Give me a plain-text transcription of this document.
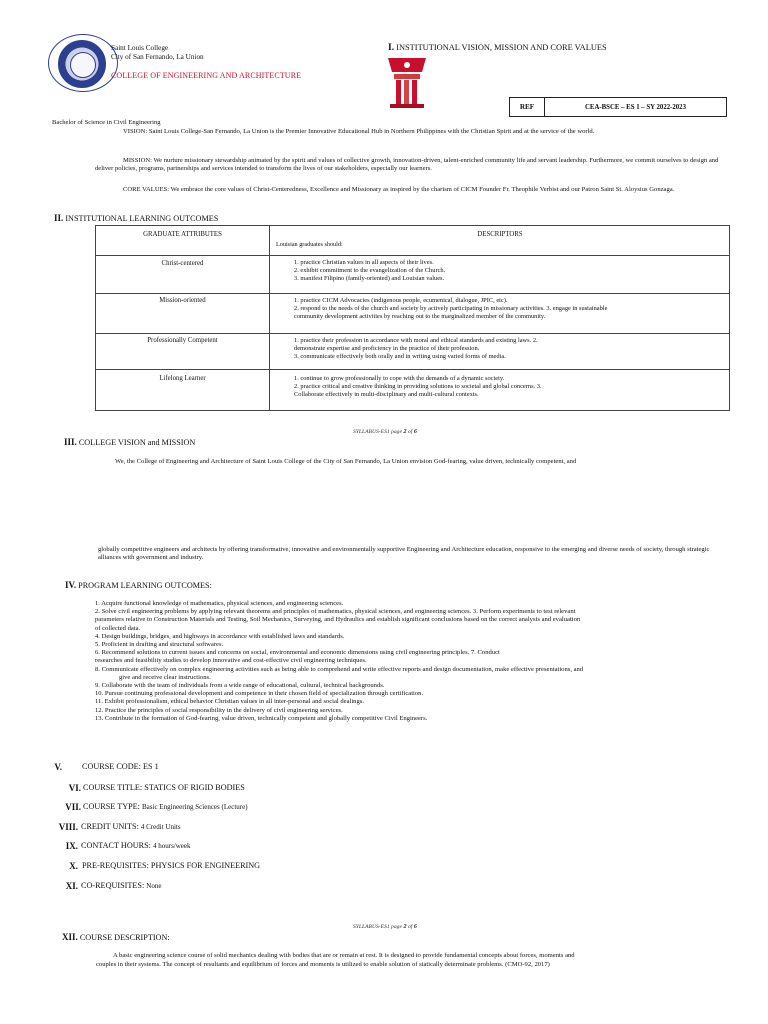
Saint Louis College
City of San Fernando, La Union
COLLEGE OF ENGINEERING AND ARCHITECTURE
I. INSTITUTIONAL VISION, MISSION AND CORE VALUES
REF	CEA-BSCE – ES 1 – SY 2022-2023
Bachelor of Science in Civil Engineering
VISION: Saint Louis College-San Fernando, La Union is the Premier Innovative Educational Hub in Northern Philippines with the Christian Spirit and at the service of the world.
MISSION: We nurture missionary stewardship animated by the spirit and values of collective growth, innovation-driven, talent-enriched community life and servant leadership. Furthermore, we commit ourselves to design and deliver policies, programs, partnerships and services intended to transform the lives of our stakeholders, especially our learners.
CORE VALUES: We embrace the core values of Christ-Centeredness, Excellence and Missionary as inspired by the charism of CICM Founder Fr. Theophile Verbist and our Patron Saint St. Aloysius Gonzaga.
II. INSTITUTIONAL LEARNING OUTCOMES
GRADUATE ATTRIBUTES	DESCRIPTORS
Louisian graduates should:
Christ-centered	1. practice Christian values in all aspects of their lives.
2. exhibit commitment to the evangelization of the Church.
3. manifest Filipino (family-oriented) and Louisian values.
Mission-oriented	1. practice CICM Advocacies (indigenous people, ecumenical, dialogue, JPIC, etc).
2. respond to the needs of the church and society by actively participating in missionary activities. 3. engage in sustainable
community development activities by reaching out to the marginalized member of the community.
Professionally Competent	1. practice their profession in accordance with moral and ethical standards and existing laws. 2.
demonstrate expertise and proficiency in the practice of their profession.
3. communicate effectively both orally and in writing using varied forms of media.
Lifelong Learner	1. continue to grow professionally to cope with the demands of a dynamic society.
2. practice critical and creative thinking in providing solutions to societal and global concerns. 3.
Collaborate effectively in multi-disciplinary and multi-cultural contexts.
SYLLABUS-ES1 page 2 of 6
III. COLLEGE VISION and MISSION
We, the College of Engineering and Architecture of Saint Louis College of the City of San Fernando, La Union envision God-fearing, value driven, technically competent, and
globally competitive engineers and architects by offering transformative, innovative and environmentally supportive Engineering and Architecture education, responsive to the emerging and diverse needs of society, through strategic alliances with government and industry.
IV. PROGRAM LEARNING OUTCOMES:
1. Acquire functional knowledge of mathematics, physical sciences, and engineering sciences.
2. Solve civil engineering problems by applying relevant theorems and principles of mathematics, physical sciences, and engineering sciences. 3. Perform experiments to test relevant
parameters relative to Construction Materials and Testing, Soil Mechanics, Surveying, and Hydraulics and establish significant conclusions based on the correct analysis and evaluation
of collected data.
4. Design buildings, bridges, and highways in accordance with established laws and standards.
5. Proficient in drafting and structural softwares.
6. Recommend solutions to current issues and concerns on social, environmental and economic dimensions using civil engineering principles. 7. Conduct
researches and feasibility studies to develop innovative and cost-effective civil engineering techniques.
8. Communicate effectively on complex engineering activities such as being able to comprehend and write effective reports and design documentation, make effective presentations, and
give and receive clear instructions.
9. Collaborate with the team of individuals from a wide range of educational, cultural, technical backgrounds.
10. Pursue continuing professional development and competence in their chosen field of specialization through certification.
11. Exhibit professionalism, ethical behavior Christian values in all inter-personal and social dealings.
12. Practice the principles of social responsibility in the delivery of civil engineering services.
13. Contribute in the formation of God-fearing, value driven, technically competent and globally competitive Civil Engineers.
V. COURSE CODE: ES 1
VI. COURSE TITLE: STATICS OF RIGID BODIES
VII. COURSE TYPE: Basic Engineering Sciences (Lecture)
VIII. CREDIT UNITS: 4 Credit Units
IX. CONTACT HOURS: 4 hours/week
X. PRE-REQUISITES: PHYSICS FOR ENGINEERING
XI. CO-REQUISITES: None
SYLLABUS-ES1 page 2 of 6
XII. COURSE DESCRIPTION:
A basic engineering science course of solid mechanics dealing with bodies that are or remain at rest. It is designed to provide fundamental concepts about forces, moments and
couples in their systems. The concept of resultants and equilibrium of forces and moments is utilized to enable solution of statically determinate problems. (CMO-92, 2017)
